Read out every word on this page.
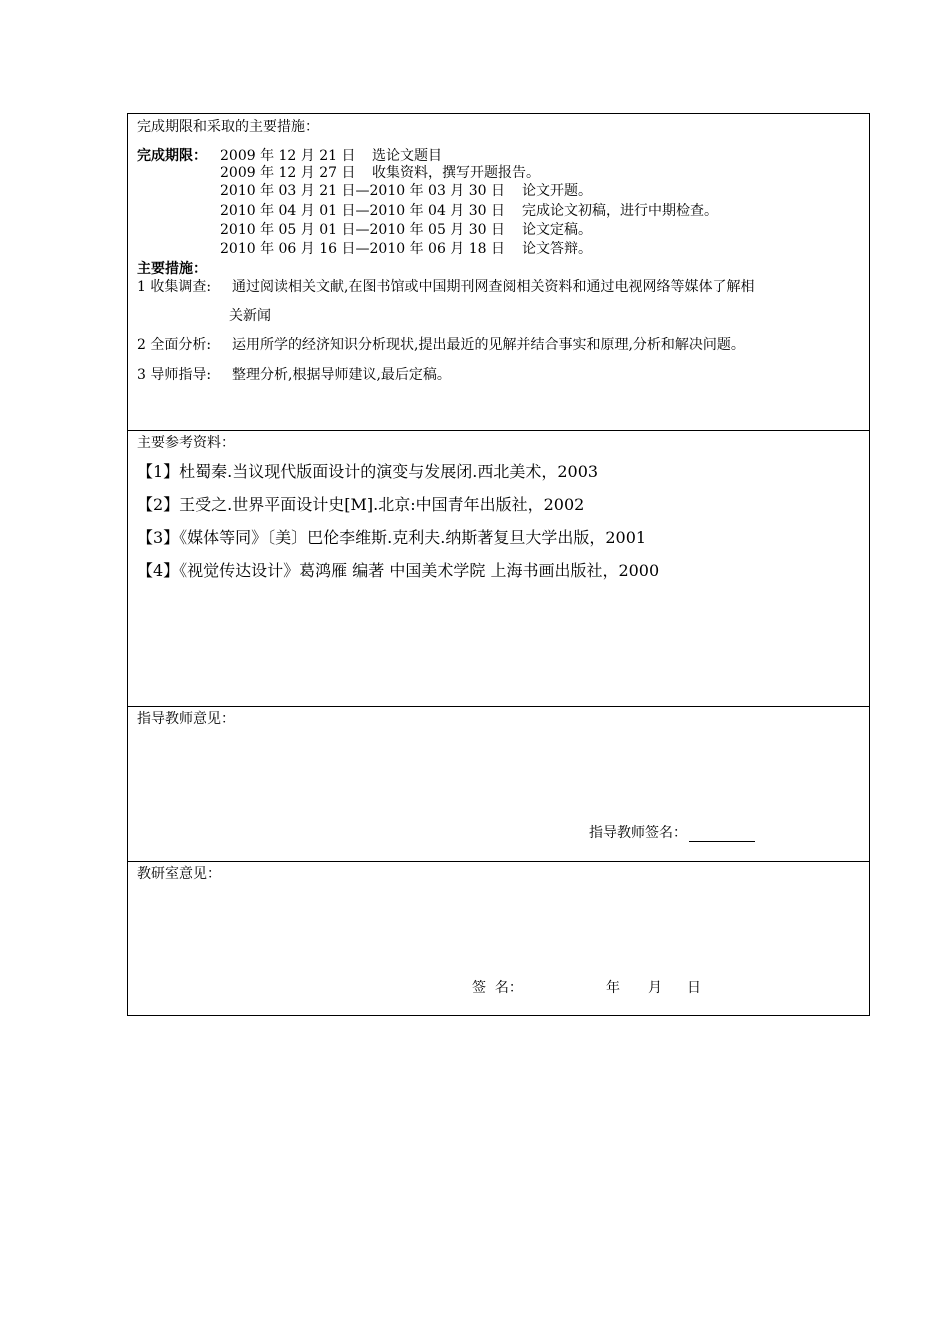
完成期限和采取的主要措施：
完成期限： 2009 年 12 月 21 日 选论文题目
2009 年 12 月 27 日 收集资料，撰写开题报告。
2010 年 03 月 21 日—2010 年 03 月 30 日 论文开题。
2010 年 04 月 01 日—2010 年 04 月 30 日 完成论文初稿，进行中期检查。
2010 年 05 月 01 日—2010 年 05 月 30 日 论文定稿。
2010 年 06 月 16 日—2010 年 06 月 18 日 论文答辩。
主要措施：
1 收集调查: 通过阅读相关文献,在图书馆或中国期刊网查阅相关资料和通过电视网络等媒体了解相
关新闻
2 全面分析: 运用所学的经济知识分析现状,提出最近的见解并结合事实和原理,分析和解决问题。
3 导师指导: 整理分析,根据导师建议,最后定稿。
主要参考资料：
【1】杜蜀秦.当议现代版面设计的演变与发展闭.西北美术，2003
【2】王受之.世界平面设计史[M].北京:中国青年出版社，2002
【3】《媒体等同》〔美〕巴伦李维斯.克利夫.纳斯著复旦大学出版，2001
【4】《视觉传达设计》葛鸿雁 编著 中国美术学院 上海书画出版社，2000
指导教师意见：
指导教师签名：
教研室意见：
签  名：	年 月 日
